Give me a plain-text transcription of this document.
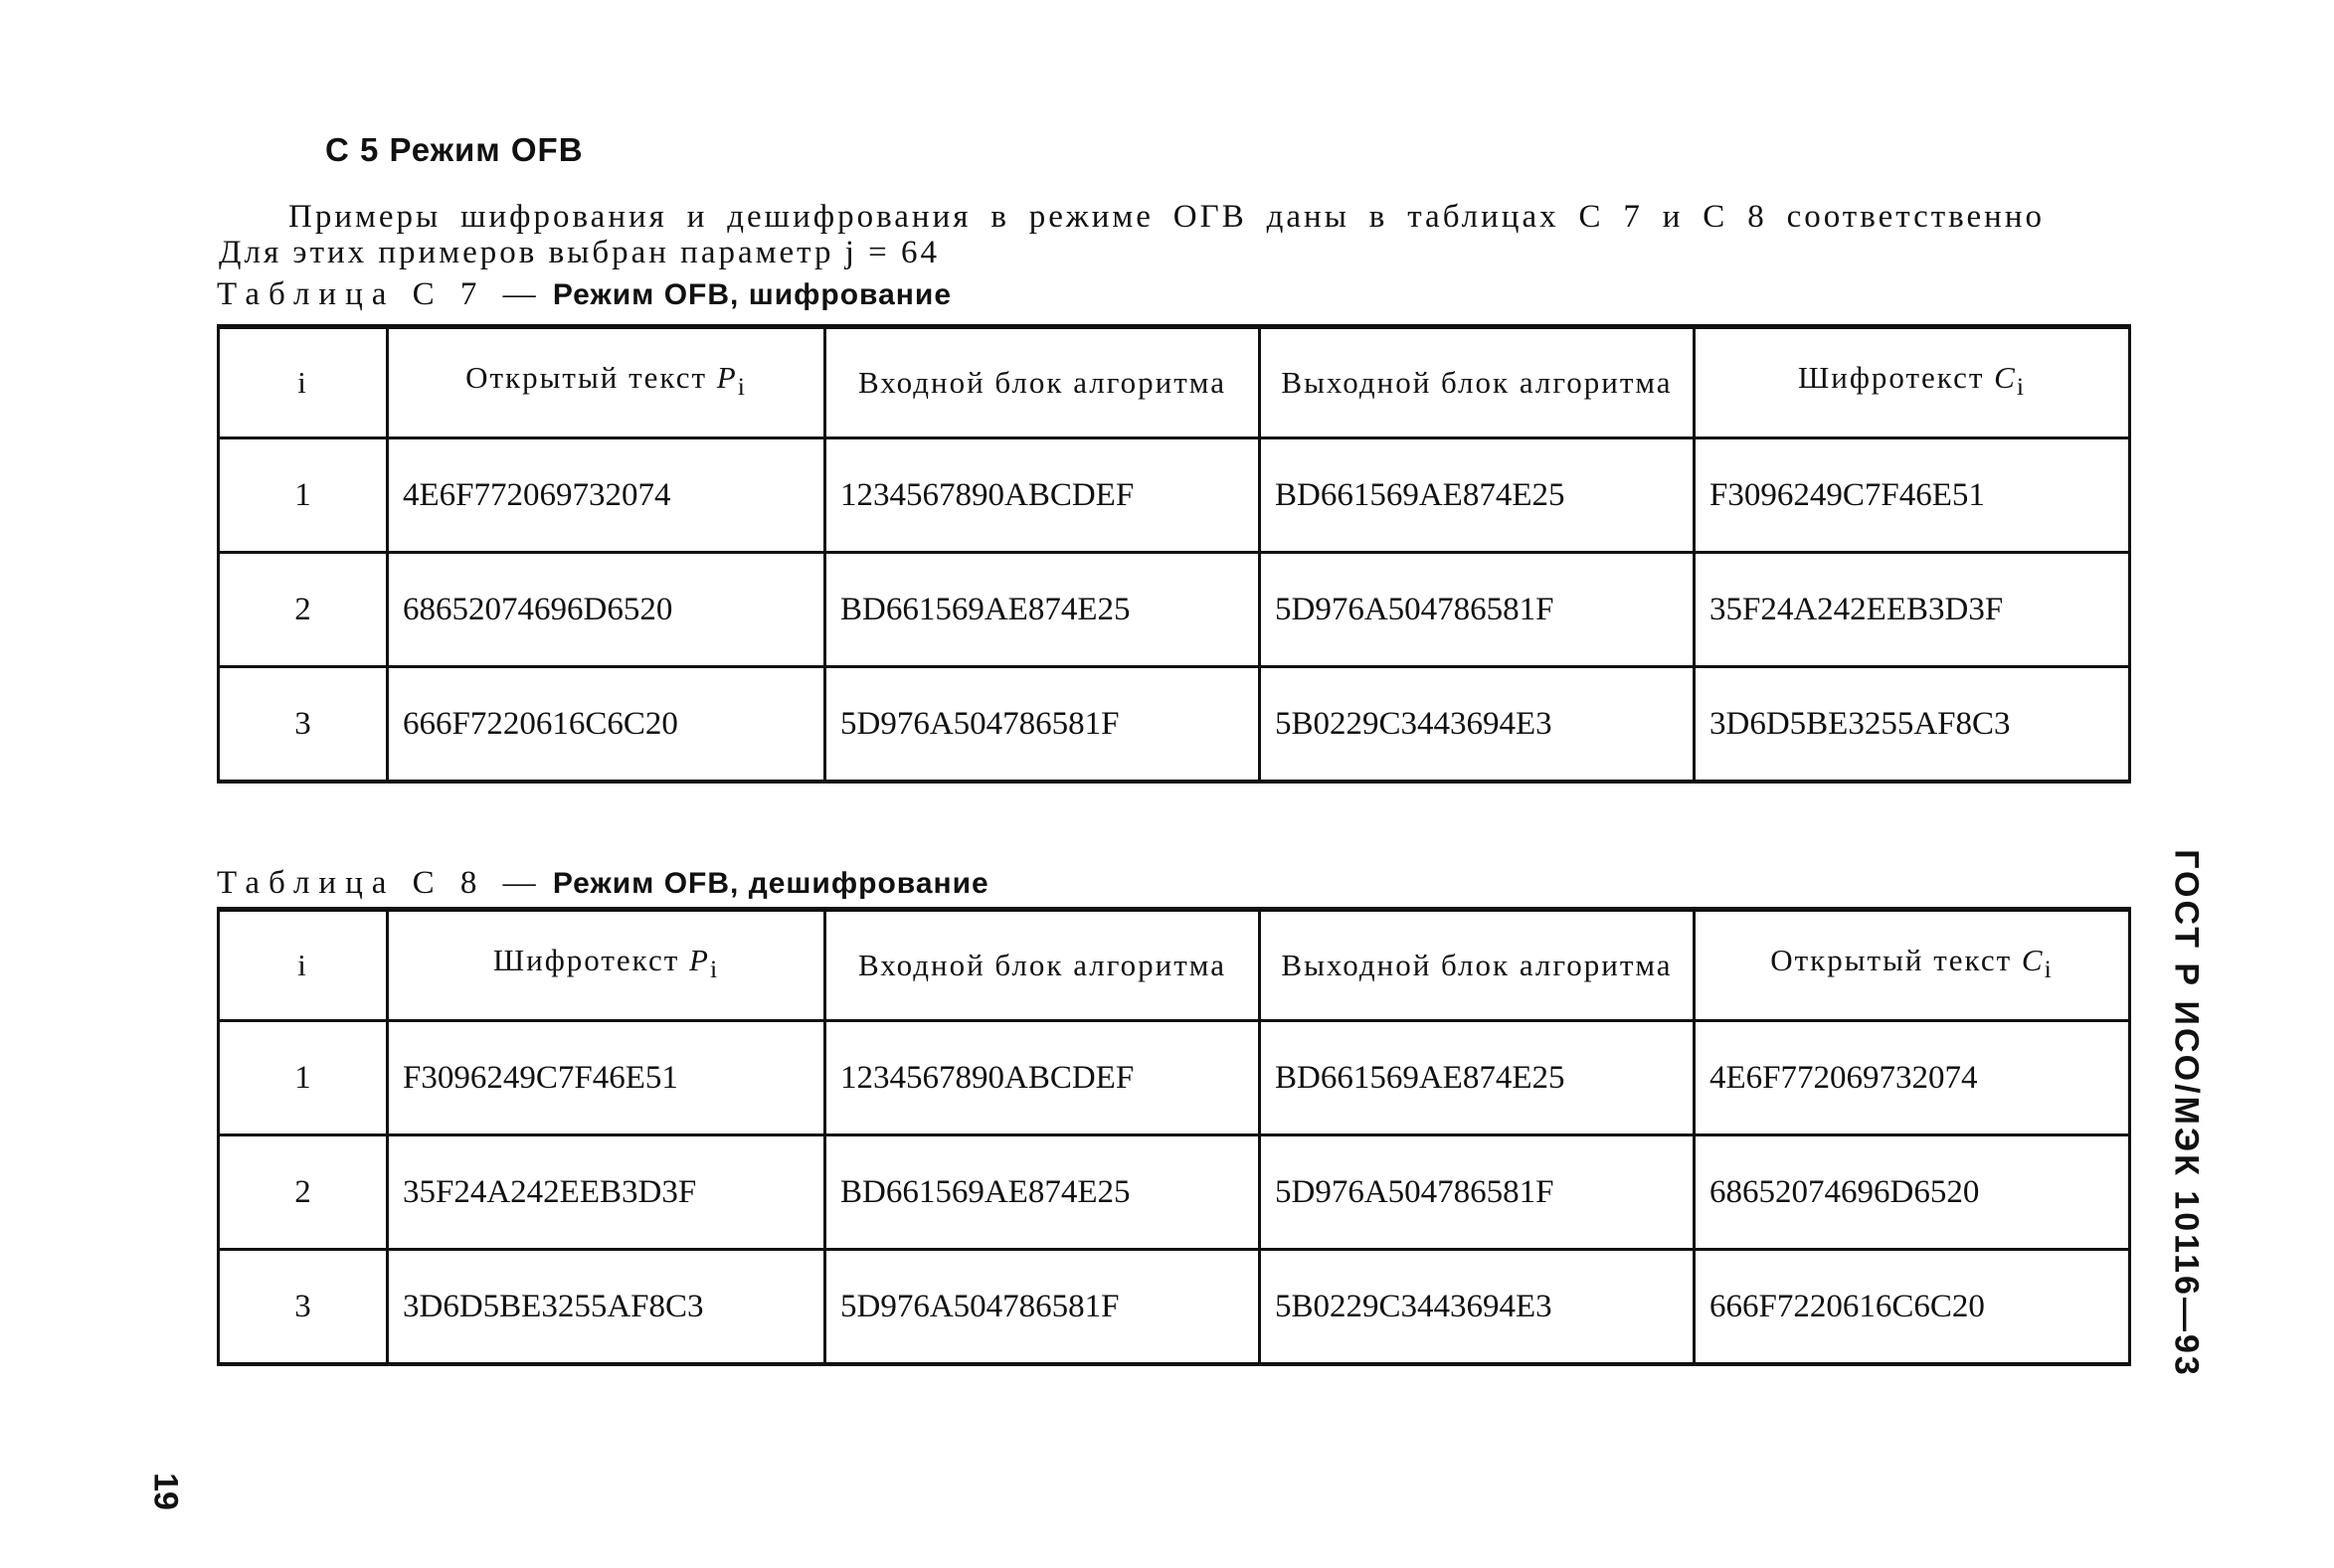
С 5 Режим OFB
Примеры шифрования и дешифрования в режиме ОГВ даны в таблицах С 7 и С 8 соответственно
Для этих примеров выбран параметр j = 64
Таблица С 7 — Режим OFB, шифрование
i	Открытый текст $P_i$	Входной блок алгоритма	Выходной блок алгоритма	Шифротекст $C_i$
1	4E6F772069732074	1234567890ABCDEF	BD661569AE874E25	F3096249C7F46E51
2	68652074696D6520	BD661569AE874E25	5D976A504786581F	35F24A242EEB3D3F
3	666F7220616C6C20	5D976A504786581F	5B0229C3443694E3	3D6D5BE3255AF8C3
Таблица С 8 — Режим OFB, дешифрование
i	Шифротекст $P_i$	Входной блок алгоритма	Выходной блок алгоритма	Открытый текст $C_i$
1	F3096249C7F46E51	1234567890ABCDEF	BD661569AE874E25	4E6F772069732074
2	35F24A242EEB3D3F	BD661569AE874E25	5D976A504786581F	68652074696D6520
3	3D6D5BE3255AF8C3	5D976A504786581F	5B0229C3443694E3	666F7220616C6C20	ГОСТ Р ИСО/МЭК 10116—93
19
